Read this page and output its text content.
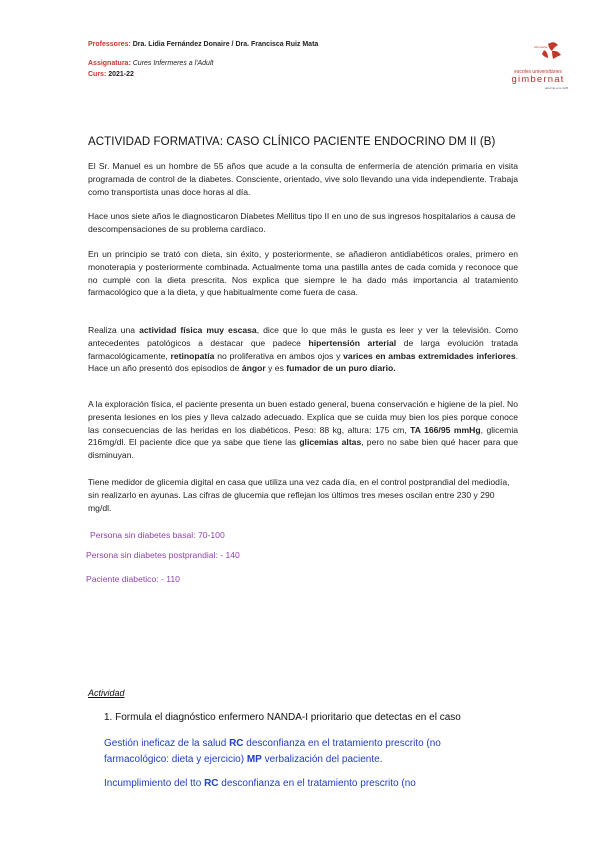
Professores: Dra. Lidia Fernández Donaire / Dra. Francisca Ruiz Mata
Assignatura: Cures Infermeres a l'Adult
Curs: 2021-22
infermeria
escoles universitàries
gimbernat
adscrita a la UAB
ACTIVIDAD FORMATIVA: CASO CLÍNICO PACIENTE ENDOCRINO DM II (B)
El Sr. Manuel es un hombre de 55 años que acude a la consulta de enfermería de atención primaria en visita programada de control de la diabetes. Consciente, orientado, vive solo llevando una vida independiente. Trabaja como transportista unas doce horas al día.
Hace unos siete años le diagnosticaron Diabetes Mellitus tipo II en uno de sus ingresos hospitalarios a causa de descompensaciones de su problema cardíaco.
En un principio se trató con dieta, sin éxito, y posteriormente, se añadieron antidiabéticos orales, primero en monoterapia y posteriormente combinada. Actualmente toma una pastilla antes de cada comida y reconoce que no cumple con la dieta prescrita. Nos explica que siempre le ha dado más importancia al tratamiento farmacológico que a la dieta, y que habitualmente come fuera de casa.
Realiza una actividad física muy escasa, dice que lo que más le gusta es leer y ver la televisión. Como antecedentes patológicos a destacar que padece hipertensión arterial de larga evolución tratada farmacológicamente, retinopatía no proliferativa en ambos ojos y varices en ambas extremidades inferiores. Hace un año presentó dos episodios de ángor y es fumador de un puro diario.
A la exploración física, el paciente presenta un buen estado general, buena conservación e higiene de la piel. No presenta lesiones en los pies y lleva calzado adecuado. Explica que se cuida muy bien los pies porque conoce las consecuencias de las heridas en los diabéticos. Peso: 88 kg, altura: 175 cm, TA 166/95 mmHg, glicemia 216mg/dl. El paciente dice que ya sabe que tiene las glicemias altas, pero no sabe bien qué hacer para que disminuyan.
Tiene medidor de glicemia digital en casa que utiliza una vez cada día, en el control postprandial del mediodía, sin realizarlo en ayunas. Las cifras de glucemia que reflejan los últimos tres meses oscilan entre 230 y 290 mg/dl.
Persona sin diabetes basal: 70-100
Persona sin diabetes postprandial: - 140
Paciente diabetico: - 110
Actividad
1. Formula el diagnóstico enfermero NANDA-I prioritario que detectas en el caso
Gestión ineficaz de la salud RC desconfianza en el tratamiento prescrito (no farmacológico: dieta y ejercicio) MP verbalización del paciente.
Incumplimiento del tto RC desconfianza en el tratamiento prescrito (no
